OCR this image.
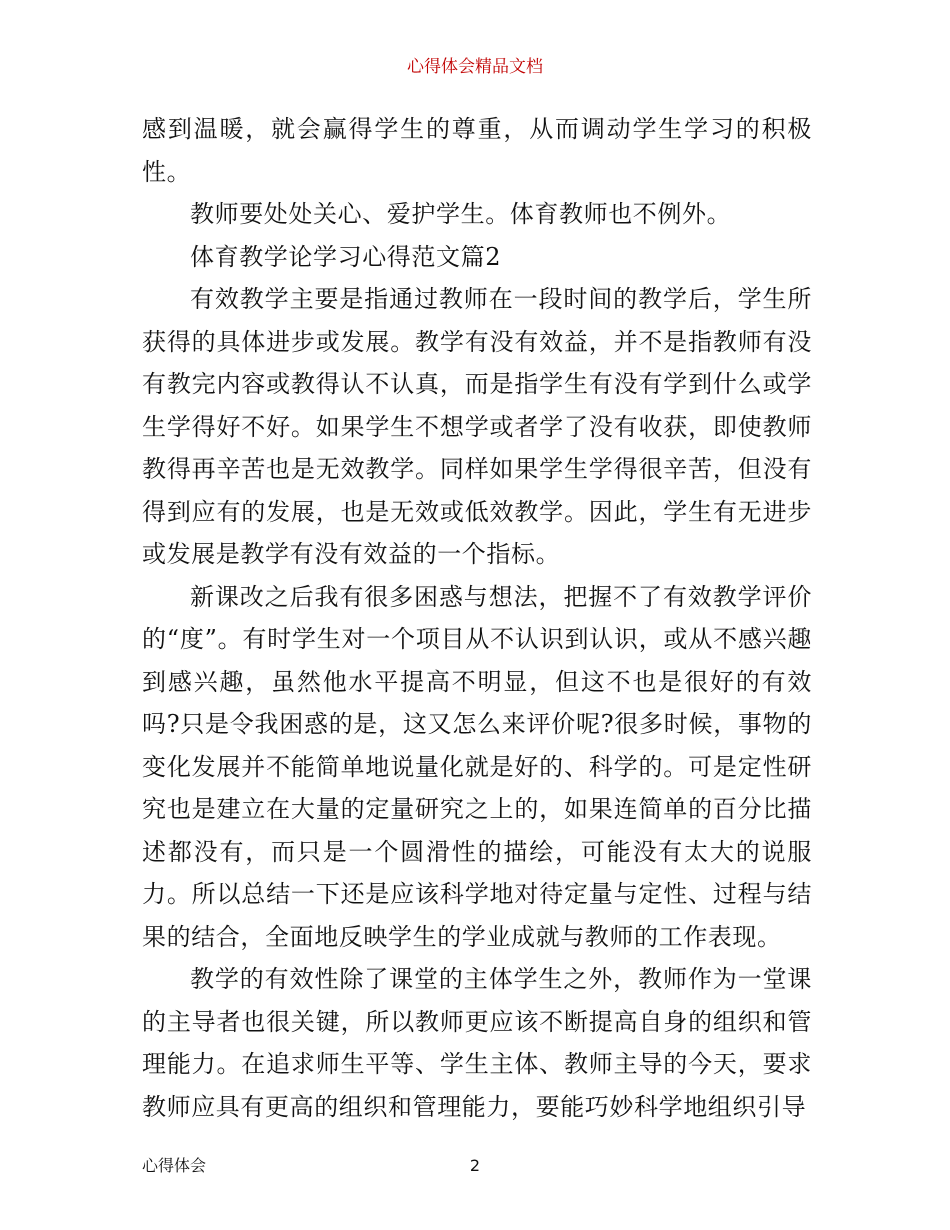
心得体会精品文档

感到温暖，就会赢得学生的尊重，从而调动学生学习的积极性。

教师要处处关心、爱护学生。体育教师也不例外。

体育教学论学习心得范文篇2

有效教学主要是指通过教师在一段时间的教学后，学生所获得的具体进步或发展。教学有没有效益，并不是指教师有没有教完内容或教得认不认真，而是指学生有没有学到什么或学生学得好不好。如果学生不想学或者学了没有收获，即使教师教得再辛苦也是无效教学。同样如果学生学得很辛苦，但没有得到应有的发展，也是无效或低效教学。因此，学生有无进步或发展是教学有没有效益的一个指标。

新课改之后我有很多困惑与想法，把握不了有效教学评价的“度”。有时学生对一个项目从不认识到认识，或从不感兴趣到感兴趣，虽然他水平提高不明显，但这不也是很好的有效吗?只是令我困惑的是，这又怎么来评价呢?很多时候，事物的变化发展并不能简单地说量化就是好的、科学的。可是定性研究也是建立在大量的定量研究之上的，如果连简单的百分比描述都没有，而只是一个圆滑性的描绘，可能没有太大的说服力。所以总结一下还是应该科学地对待定量与定性、过程与结果的结合，全面地反映学生的学业成就与教师的工作表现。

教学的有效性除了课堂的主体学生之外，教师作为一堂课的主导者也很关键，所以教师更应该不断提高自身的组织和管理能力。在追求师生平等、学生主体、教师主导的今天，要求教师应具有更高的组织和管理能力，要能巧妙科学地组织引导

心得体会	2
